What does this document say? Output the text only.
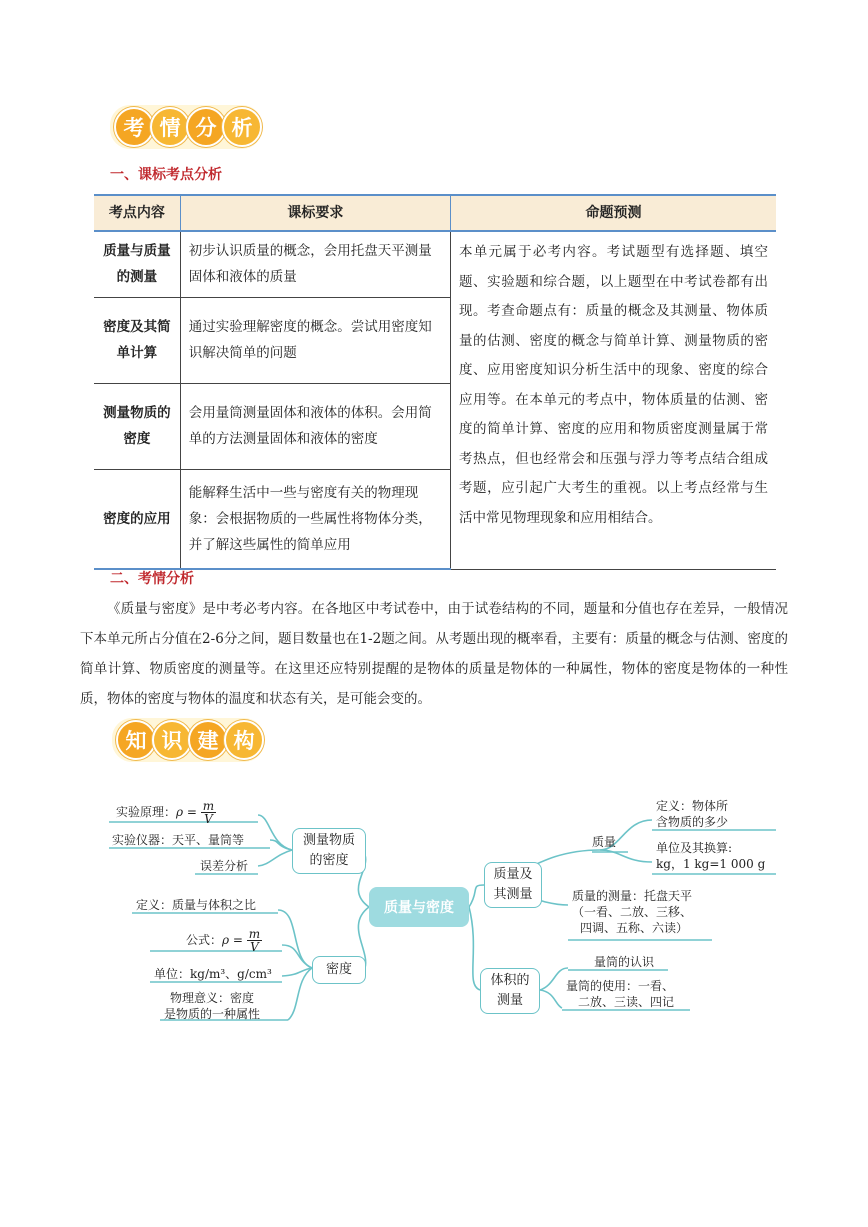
考 情 分 析
一、课标考点分析
考点内容	课标要求	命题预测
质量与质量的测量	初步认识质量的概念，会用托盘天平测量固体和液体的质量	本单元属于必考内容。考试题型有选择题、填空题、实验题和综合题，以上题型在中考试卷都有出现。考查命题点有：质量的概念及其测量、物体质量的估测、密度的概念与简单计算、测量物质的密度、应用密度知识分析生活中的现象、密度的综合应用等。在本单元的考点中，物体质量的估测、密度的简单计算、密度的应用和物质密度测量属于常考热点，但也经常会和压强与浮力等考点结合组成考题，应引起广大考生的重视。以上考点经常与生活中常见物理现象和应用相结合。
密度及其简单计算	通过实验理解密度的概念。尝试用密度知识解决简单的问题	
测量物质的密度	会用量筒测量固体和液体的体积。会用简单的方法测量固体和液体的密度	
密度的应用	能解释生活中一些与密度有关的物理现象：会根据物质的一些属性将物体分类，并了解这些属性的简单应用	
二、考情分析
《质量与密度》是中考必考内容。在各地区中考试卷中，由于试卷结构的不同，题量和分值也存在差异，一般情况下本单元所占分值在2-6分之间，题目数量也在1-2题之间。从考题出现的概率看，主要有：质量的概念与估测、密度的简单计算、物质密度的测量等。在这里还应特别提醒的是物体的质量是物体的一种属性，物体的密度是物体的一种性质，物体的密度与物体的温度和状态有关，是可能会变的。
知 识 建 构
质量与密度
测量物质的密度
实验原理：$\rho = \frac{m}{V}$
实验仪器：天平、量筒等
误差分析
密度
定义：质量与体积之比
公式：$\rho = \frac{m}{V}$
单位：kg/m³、g/cm³
物理意义：密度
是物质的一种属性
质量及其测量
质量
定义：物体所
含物质的多少
单位及其换算:
kg，1 kg=1 000 g
质量的测量：托盘天平
（一看、二放、三移、
四调、五称、六读）
体积的测量
量筒的认识
量筒的使用：一看、
二放、三读、四记
